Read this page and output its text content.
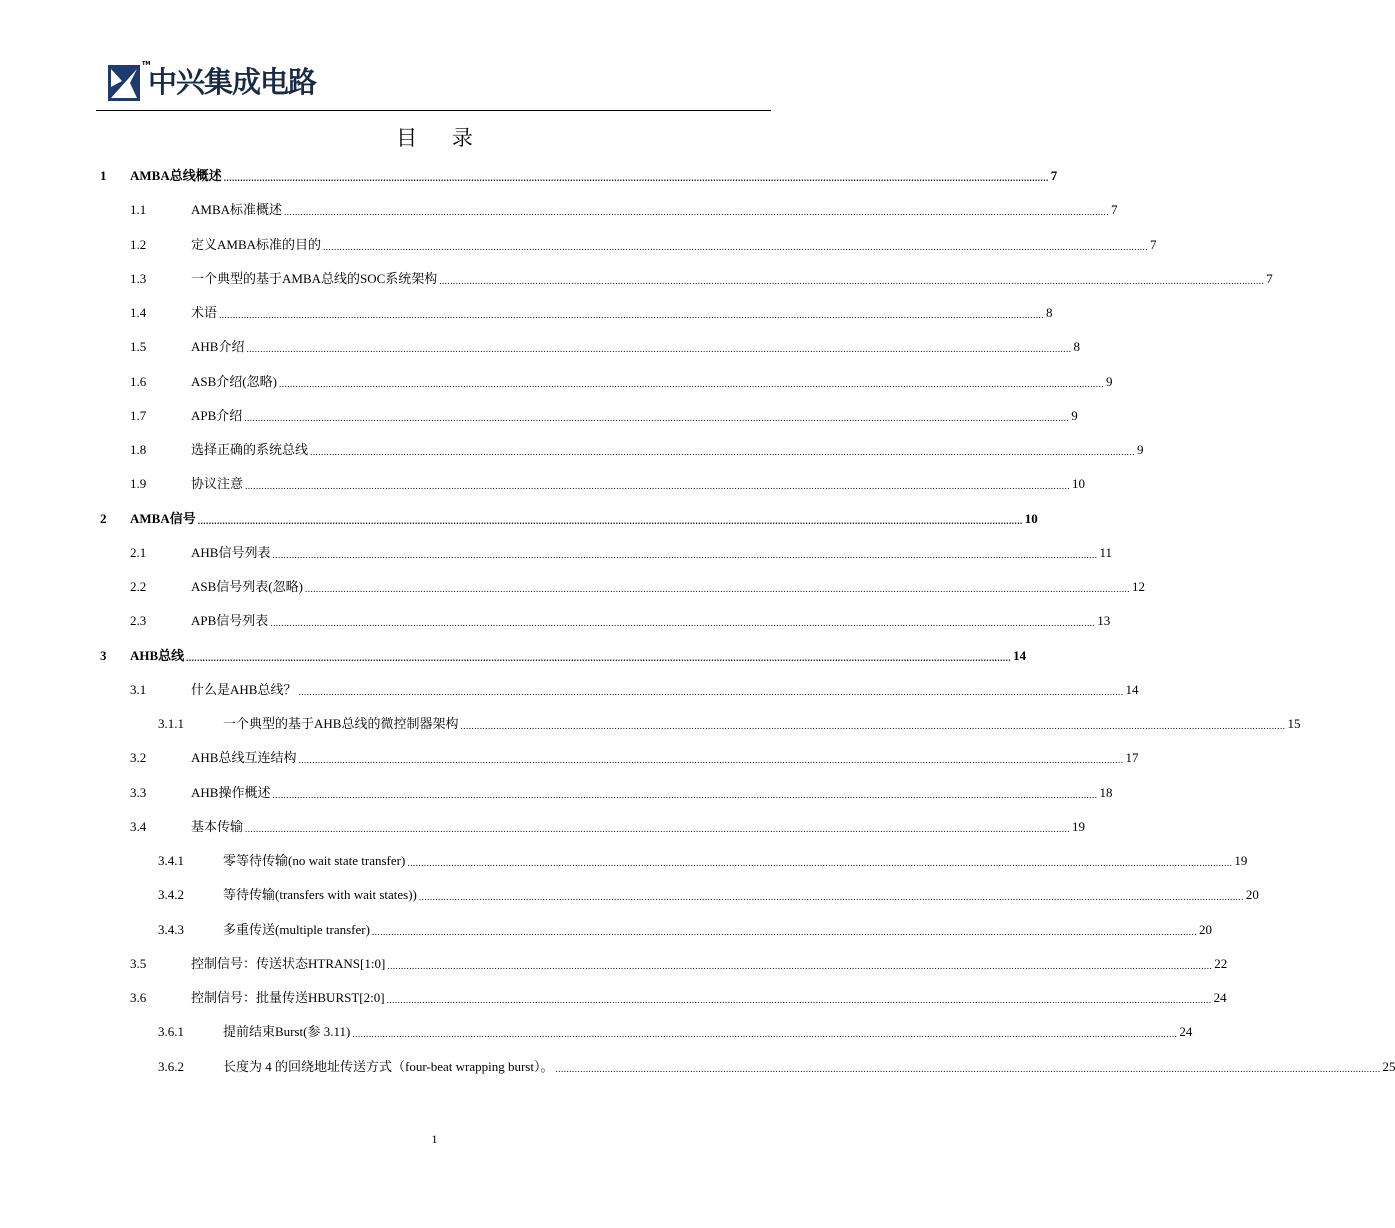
TM
中兴集成电路
目 录
1 AMBA总线概述 ............................................................................................................................................................................................................................................................................................................ 7
1.1	AMBA标准概述 ............................................................................................................................................................................................................................................................................................................ 7
1.2	定义AMBA标准的目的 ............................................................................................................................................................................................................................................................................................................ 7
1.3	一个典型的基于AMBA总线的SOC系统架构 ............................................................................................................................................................................................................................................................................................................ 7
1.4	术语 ............................................................................................................................................................................................................................................................................................................ 8
1.5	AHB介绍 ............................................................................................................................................................................................................................................................................................................ 8
1.6	ASB介绍(忽略) ............................................................................................................................................................................................................................................................................................................ 9
1.7	APB介绍 ............................................................................................................................................................................................................................................................................................................ 9
1.8	选择正确的系统总线 ............................................................................................................................................................................................................................................................................................................ 9
1.9	协议注意 ............................................................................................................................................................................................................................................................................................................ 10
2 AMBA信号 ............................................................................................................................................................................................................................................................................................................ 10
2.1	AHB信号列表 ............................................................................................................................................................................................................................................................................................................ 11
2.2	ASB信号列表(忽略) ............................................................................................................................................................................................................................................................................................................ 12
2.3	APB信号列表 ............................................................................................................................................................................................................................................................................................................ 13
3 AHB总线 ............................................................................................................................................................................................................................................................................................................ 14
3.1	什么是AHB总线？ ............................................................................................................................................................................................................................................................................................................ 14
3.1.1	一个典型的基于AHB总线的微控制器架构 ............................................................................................................................................................................................................................................................................................................ 15
3.2	AHB总线互连结构 ............................................................................................................................................................................................................................................................................................................ 17
3.3	AHB操作概述 ............................................................................................................................................................................................................................................................................................................ 18
3.4	基本传输 ............................................................................................................................................................................................................................................................................................................ 19
3.4.1	零等待传输(no wait state transfer) ............................................................................................................................................................................................................................................................................................................ 19
3.4.2	等待传输(transfers with wait states)) ............................................................................................................................................................................................................................................................................................................ 20
3.4.3	多重传送(multiple transfer) ............................................................................................................................................................................................................................................................................................................ 20
3.5	控制信号：传送状态HTRANS[1:0] ............................................................................................................................................................................................................................................................................................................ 22
3.6	控制信号：批量传送HBURST[2:0] ............................................................................................................................................................................................................................................................................................................ 24
3.6.1	提前结束Burst(参 3.11) ............................................................................................................................................................................................................................................................................................................ 24
3.6.2	长度为 4 的回绕地址传送方式（four-beat wrapping burst）。 ............................................................................................................................................................................................................................................................................................................ 25
1
